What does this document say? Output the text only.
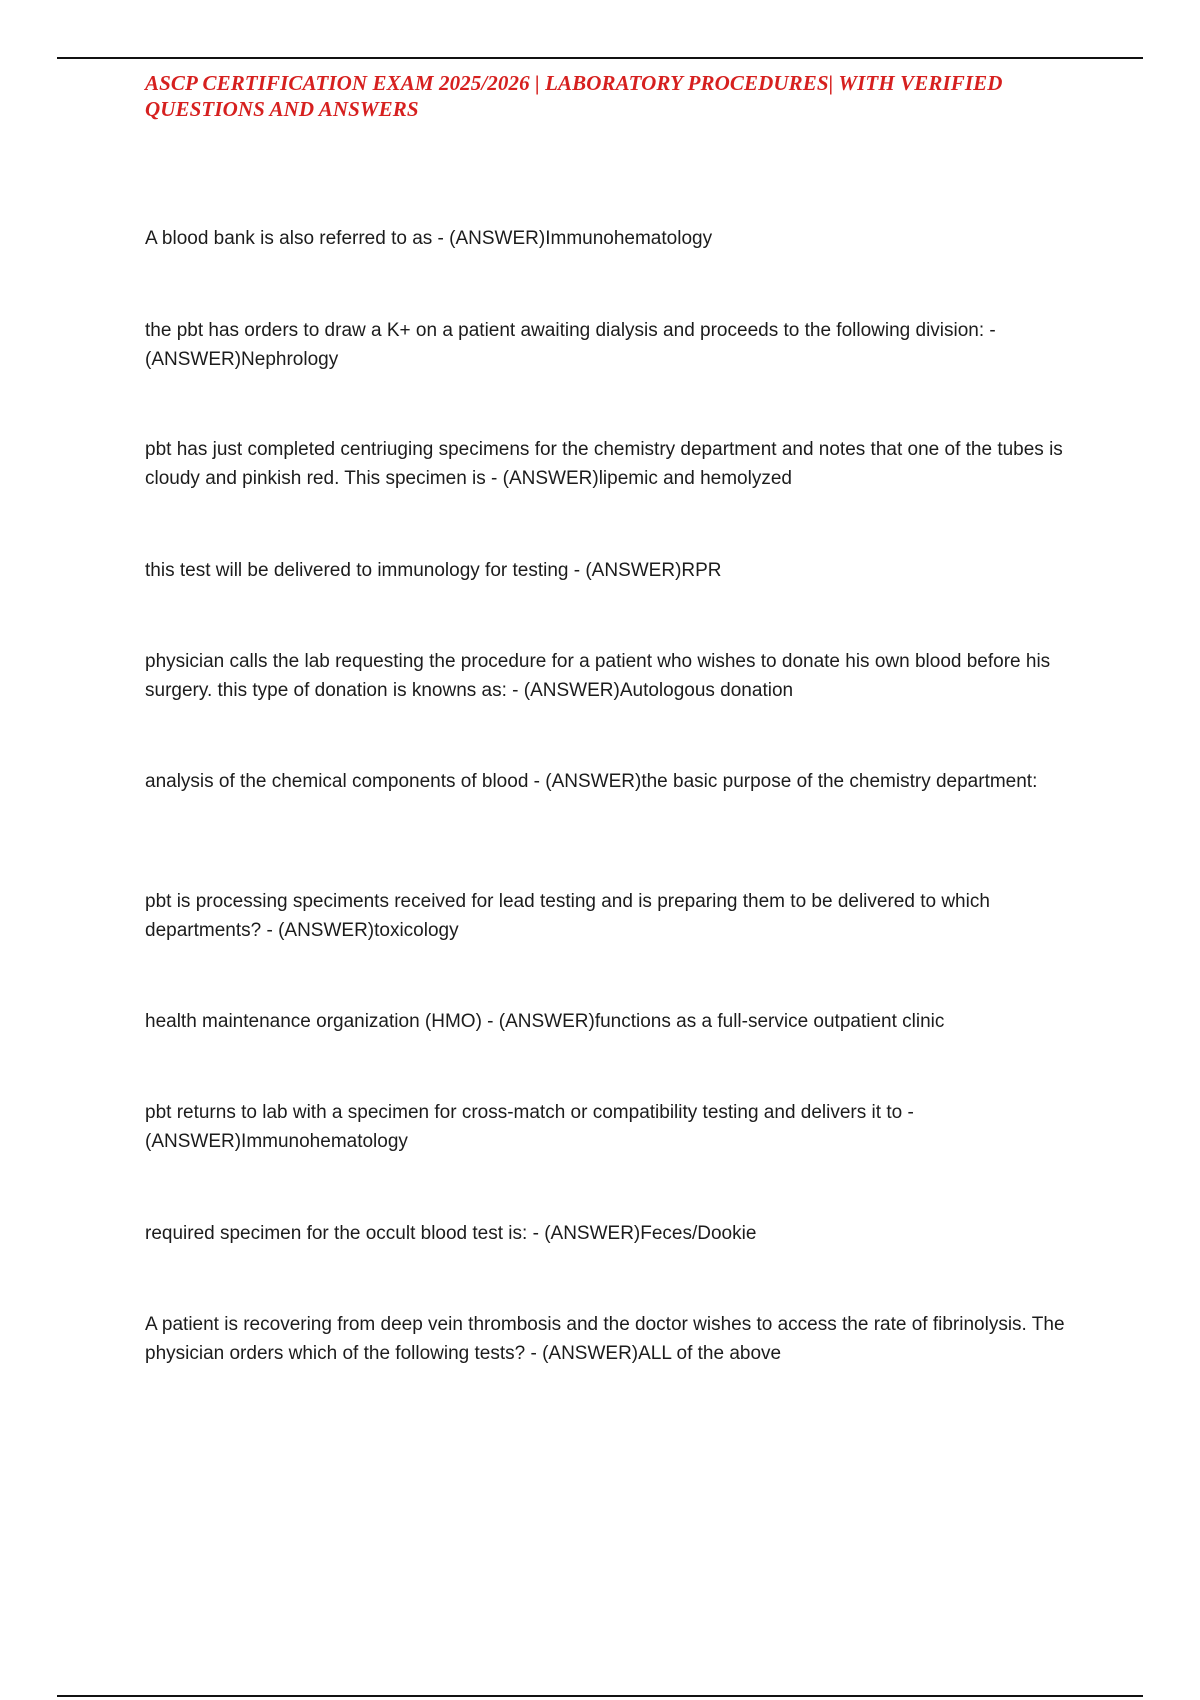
ASCP CERTIFICATION EXAM 2025/2026 | LABORATORY PROCEDURES| WITH VERIFIED QUESTIONS AND ANSWERS

A blood bank is also referred to as - (ANSWER)Immunohematology

the pbt has orders to draw a K+ on a patient awaiting dialysis and proceeds to the following division: - (ANSWER)Nephrology

pbt has just completed centriuging specimens for the chemistry department and notes that one of the tubes is cloudy and pinkish red. This specimen is - (ANSWER)lipemic and hemolyzed

this test will be delivered to immunology for testing - (ANSWER)RPR

physician calls the lab requesting the procedure for a patient who wishes to donate his own blood before his surgery. this type of donation is knowns as: - (ANSWER)Autologous donation

analysis of the chemical components of blood - (ANSWER)the basic purpose of the chemistry department:

pbt is processing speciments received for lead testing and is preparing them to be delivered to which departments? - (ANSWER)toxicology

health maintenance organization (HMO) - (ANSWER)functions as a full-service outpatient clinic

pbt returns to lab with a specimen for cross-match or compatibility testing and delivers it to - (ANSWER)Immunohematology

required specimen for the occult blood test is: - (ANSWER)Feces/Dookie

A patient is recovering from deep vein thrombosis and the doctor wishes to access the rate of fibrinolysis. The physician orders which of the following tests? - (ANSWER)ALL of the above
